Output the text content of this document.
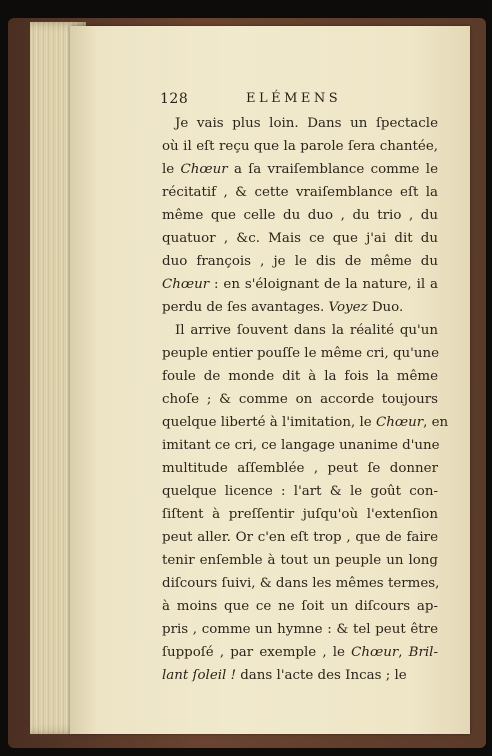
128	ELÉMENS
Je vais plus loin. Dans un ſpectacle
où il eſt reçu que la parole ſera chantée,
le Chœur a ſa vraiſemblance comme le
récitatif , & cette vraiſemblance eſt la
même que celle du duo , du trio , du
quatuor , &c. Mais ce que j'ai dit du
duo françois , je le dis de même du
Chœur : en s'éloignant de la nature, il a
perdu de ſes avantages. Voyez Duo.
Il arrive ſouvent dans la réalité qu'un
peuple entier pouſſe le même cri, qu'une
foule de monde dit à la fois la même
choſe ; & comme on accorde toujours
quelque liberté à l'imitation, le Chœur, en
imitant ce cri, ce langage unanime d'une
multitude aſſemblée , peut ſe donner
quelque licence : l'art & le goût con-
ſiſtent à preſſentir juſqu'où l'extenſion
peut aller. Or c'en eſt trop , que de faire
tenir enſemble à tout un peuple un long
diſcours ſuivi, & dans les mêmes termes,
à moins que ce ne ſoit un diſcours ap-
pris , comme un hymne : & tel peut être
ſuppoſé , par exemple , le Chœur, Bril-
lant ſoleil ! dans l'acte des Incas ; le
